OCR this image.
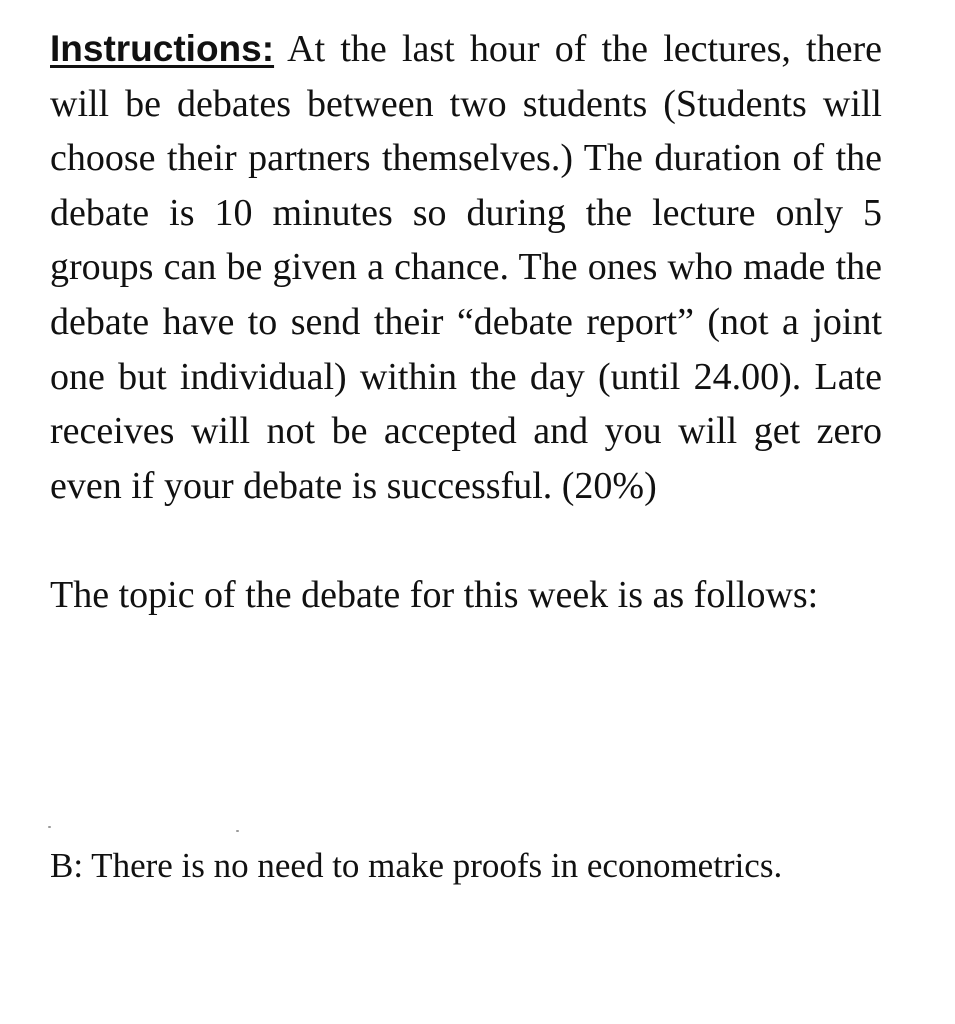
Instructions: At the last hour of the lectures, there will be debates between two students (Students will choose their partners themselves.) The duration of the debate is 10 minutes so during the lecture only 5 groups can be given a chance. The ones who made the debate have to send their “debate report” (not a joint one but individual) within the day (until 24.00). Late receives will not be accepted and you will get zero even if your debate is successful. (20%)

The topic of the debate for this week is as follows:

B: There is no need to make proofs in econometrics.
